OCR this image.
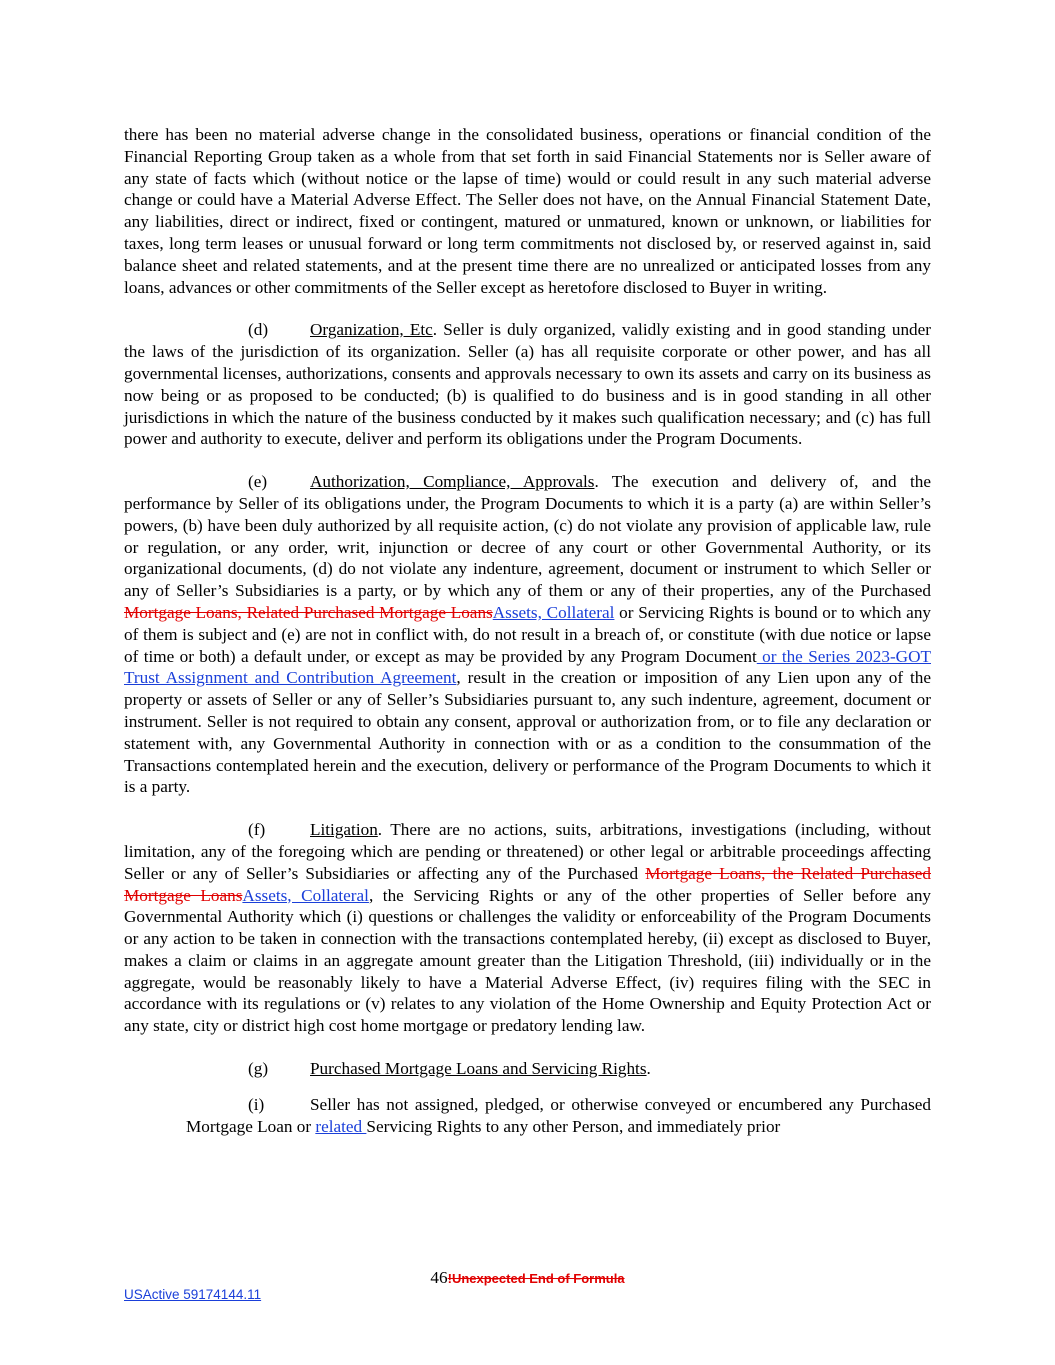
there has been no material adverse change in the consolidated business, operations or financial condition of the Financial Reporting Group taken as a whole from that set forth in said Financial Statements nor is Seller aware of any state of facts which (without notice or the lapse of time) would or could result in any such material adverse change or could have a Material Adverse Effect. The Seller does not have, on the Annual Financial Statement Date, any liabilities, direct or indirect, fixed or contingent, matured or unmatured, known or unknown, or liabilities for taxes, long term leases or unusual forward or long term commitments not disclosed by, or reserved against in, said balance sheet and related statements, and at the present time there are no unrealized or anticipated losses from any loans, advances or other commitments of the Seller except as heretofore disclosed to Buyer in writing.

(d) Organization, Etc. Seller is duly organized, validly existing and in good standing under the laws of the jurisdiction of its organization. Seller (a) has all requisite corporate or other power, and has all governmental licenses, authorizations, consents and approvals necessary to own its assets and carry on its business as now being or as proposed to be conducted; (b) is qualified to do business and is in good standing in all other jurisdictions in which the nature of the business conducted by it makes such qualification necessary; and (c) has full power and authority to execute, deliver and perform its obligations under the Program Documents.

(e) Authorization, Compliance, Approvals. The execution and delivery of, and the performance by Seller of its obligations under, the Program Documents to which it is a party (a) are within Seller’s powers, (b) have been duly authorized by all requisite action, (c) do not violate any provision of applicable law, rule or regulation, or any order, writ, injunction or decree of any court or other Governmental Authority, or its organizational documents, (d) do not violate any indenture, agreement, document or instrument to which Seller or any of Seller’s Subsidiaries is a party, or by which any of them or any of their properties, any of the Purchased Mortgage Loans, Related Purchased Mortgage LoansAssets, Collateral or Servicing Rights is bound or to which any of them is subject and (e) are not in conflict with, do not result in a breach of, or constitute (with due notice or lapse of time or both) a default under, or except as may be provided by any Program Document or the Series 2023-GOT Trust Assignment and Contribution Agreement, result in the creation or imposition of any Lien upon any of the property or assets of Seller or any of Seller’s Subsidiaries pursuant to, any such indenture, agreement, document or instrument. Seller is not required to obtain any consent, approval or authorization from, or to file any declaration or statement with, any Governmental Authority in connection with or as a condition to the consummation of the Transactions contemplated herein and the execution, delivery or performance of the Program Documents to which it is a party.

(f)	Litigation. There are no actions, suits, arbitrations, investigations (including, without limitation, any of the foregoing which are pending or threatened) or other legal or arbitrable proceedings affecting Seller or any of Seller’s Subsidiaries or affecting any of the Purchased Mortgage Loans, the Related Purchased Mortgage LoansAssets, Collateral, the Servicing Rights or any of the other properties of Seller before any Governmental Authority which (i) questions or challenges the validity or enforceability of the Program Documents or any action to be taken in connection with the transactions contemplated hereby, (ii) except as disclosed to Buyer, makes a claim or claims in an aggregate amount greater than the Litigation Threshold, (iii) individually or in the aggregate, would be reasonably likely to have a Material Adverse Effect, (iv) requires filing with the SEC in accordance with its regulations or (v) relates to any violation of the Home Ownership and Equity Protection Act or any state, city or district high cost home mortgage or predatory lending law.

(g) Purchased Mortgage Loans and Servicing Rights.

(i)	Seller has not assigned, pledged, or otherwise conveyed or encumbered any Purchased Mortgage Loan or related Servicing Rights to any other Person, and immediately prior

46!Unexpected End of Formula
USActive 59174144.11
